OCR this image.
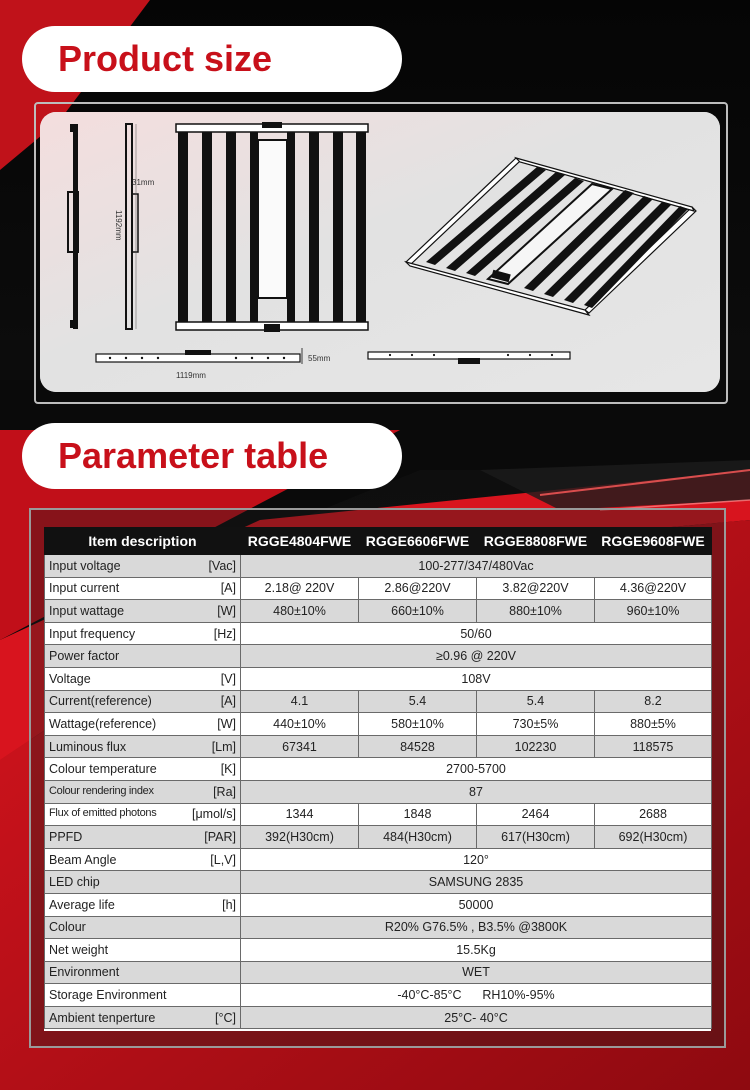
Product size
31mm
1192mm
55mm
1119mm
Parameter table
Item description	RGGE4804FWE	RGGE6606FWE	RGGE8808FWE	RGGE9608FWE

Input voltage [Vac]	100-277/347/480Vac			

Input current [A]	2.18@ 220V	2.86@220V	3.82@220V	4.36@220V

Input wattage [W]	480±10%	660±10%	880±10%	960±10%

Input frequency [Hz]	50/60			

Power factor	≥0.96 @ 220V			

Voltage [V]	108V			

Current(reference) [A]	4.1	5.4	5.4	8.2

Wattage(reference) [W]	440±10%	580±10%	730±5%	880±5%

Luminous flux [Lm]	67341	84528	102230	118575

Colour temperature [K]	2700-5700			

Colour rendering index [Ra]	87			

Flux of emitted photons [μmol/s]	1344	1848	2464	2688

PPFD [PAR]	392(H30cm)	484(H30cm)	617(H30cm)	692(H30cm)

Beam Angle [L,V]	120°			

LED chip	SAMSUNG 2835			

Average life [h]	50000			

Colour	R20% G76.5% , B3.5% @3800K			

Net weight	15.5Kg			

Environment	WET			

Storage Environment	-40°C-85°C      RH10%-95%			

Ambient tenperture [°C]	25°C- 40°C			
